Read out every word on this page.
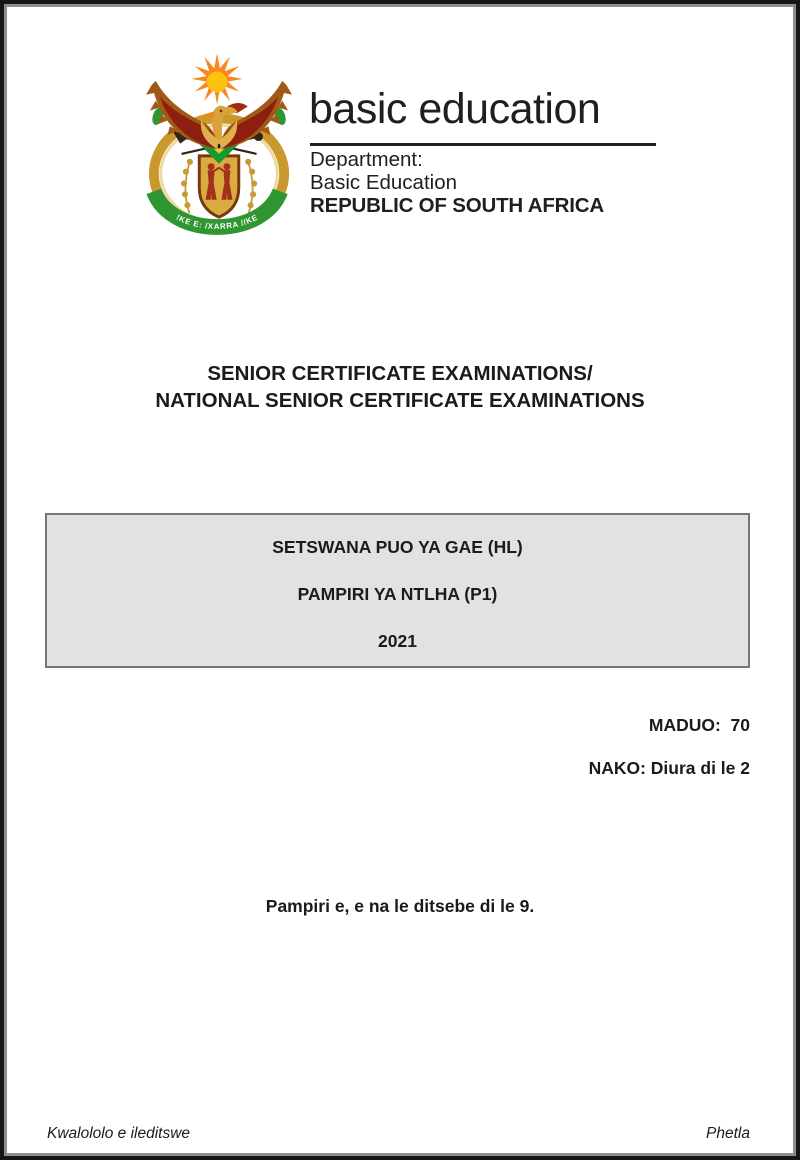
!KE E: /XARRA //KE
basic education
Department:
Basic Education
REPUBLIC OF SOUTH AFRICA
SENIOR CERTIFICATE EXAMINATIONS/
NATIONAL SENIOR CERTIFICATE EXAMINATIONS
SETSWANA PUO YA GAE (HL)
PAMPIRI YA NTLHA (P1)
2021
MADUO:  70
NAKO: Diura di le 2
Pampiri e, e na le ditsebe di le 9.
Kwalololo e ileditswe	Phetla
